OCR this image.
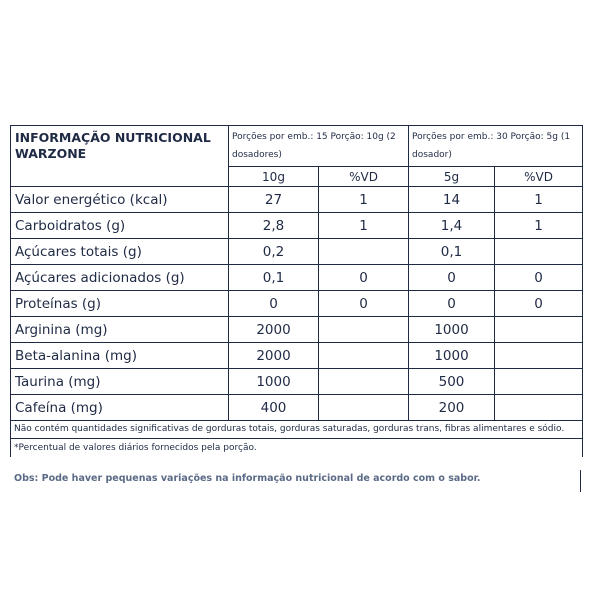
INFORMAÇÃO NUTRICIONAL
WARZONE	Porções por emb.: 15 Porção: 10g (2 dosadores)		Porções por emb.: 30 Porção: 5g (1 dosador)	
	10g	%VD	5g	%VD
Valor energético (kcal)	27	1	14	1
Carboidratos (g)	2,8	1	1,4	1
Açúcares totais (g)	0,2		0,1	
Açúcares adicionados (g)	0,1	0	0	0
Proteínas (g)	0	0	0	0
Arginina (mg)	2000		1000	
Beta-alanina (mg)	2000		1000	
Taurina (mg)	1000		500	
Cafeína (mg)	400		200	
Não contém quantidades significativas de gorduras totais, gorduras saturadas, gorduras trans, fibras alimentares e sódio.				
*Percentual de valores diários fornecidos pela porção.				
Obs: Pode haver pequenas variações na informação nutricional de acordo com o sabor.
